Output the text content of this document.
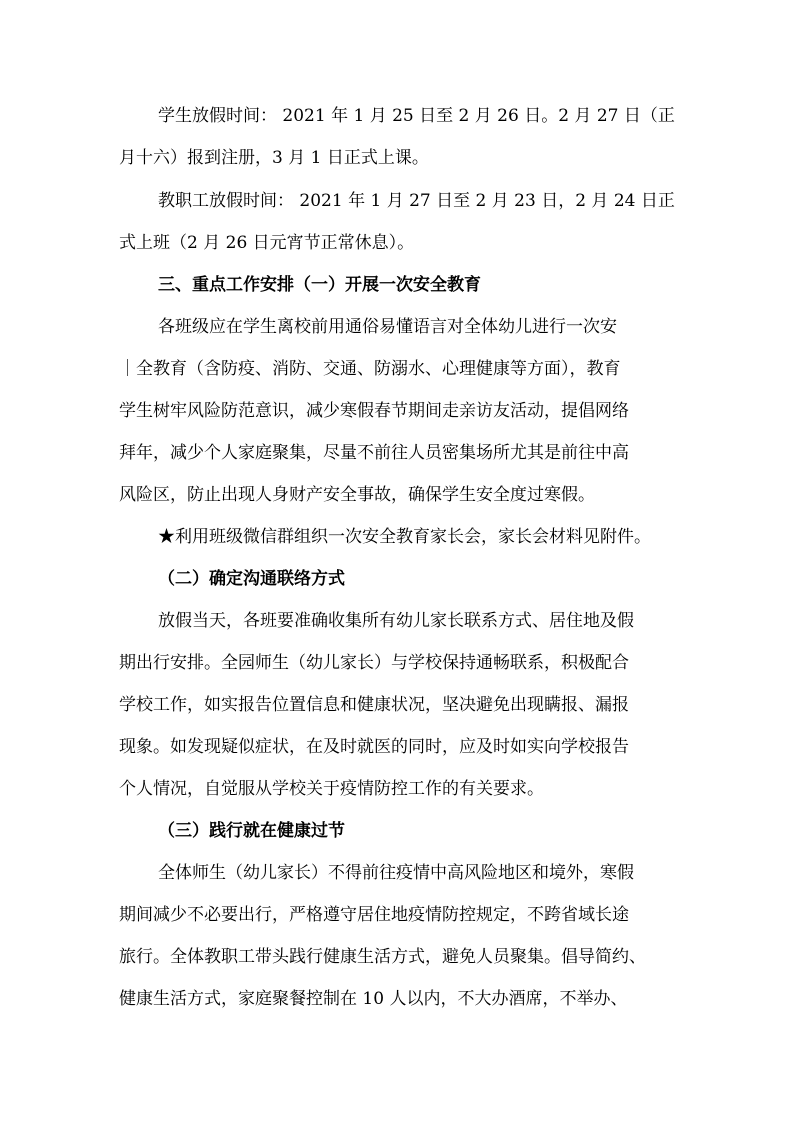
学生放假时间： 2021 年 1 月 25 日至 2 月 26 日。2 月 27 日（正
月十六）报到注册，3 月 1 日正式上课。
教职工放假时间： 2021 年 1 月 27 日至 2 月 23 日，2 月 24 日正
式上班（2 月 26 日元宵节正常休息）。
三、重点工作安排（一）开展一次安全教育
各班级应在学生离校前用通俗易懂语言对全体幼儿进行一次安
｜全教育（含防疫、消防、交通、防溺水、心理健康等方面），教育
学生树牢风险防范意识，减少寒假春节期间走亲访友活动，提倡网络
拜年，减少个人家庭聚集，尽量不前往人员密集场所尤其是前往中高
风险区，防止出现人身财产安全事故，确保学生安全度过寒假。
★利用班级微信群组织一次安全教育家长会，家长会材料见附件。
（二）确定沟通联络方式
放假当天，各班要准确收集所有幼儿家长联系方式、居住地及假
期出行安排。全园师生（幼儿家长）与学校保持通畅联系，积极配合
学校工作，如实报告位置信息和健康状况，坚决避免出现瞒报、漏报
现象。如发现疑似症状，在及时就医的同时，应及时如实向学校报告
个人情况，自觉服从学校关于疫情防控工作的有关要求。
（三）践行就在健康过节
全体师生（幼儿家长）不得前往疫情中高风险地区和境外，寒假
期间减少不必要出行，严格遵守居住地疫情防控规定，不跨省域长途
旅行。全体教职工带头践行健康生活方式，避免人员聚集。倡导简约、
健康生活方式，家庭聚餐控制在 10 人以内，不大办酒席，不举办、
